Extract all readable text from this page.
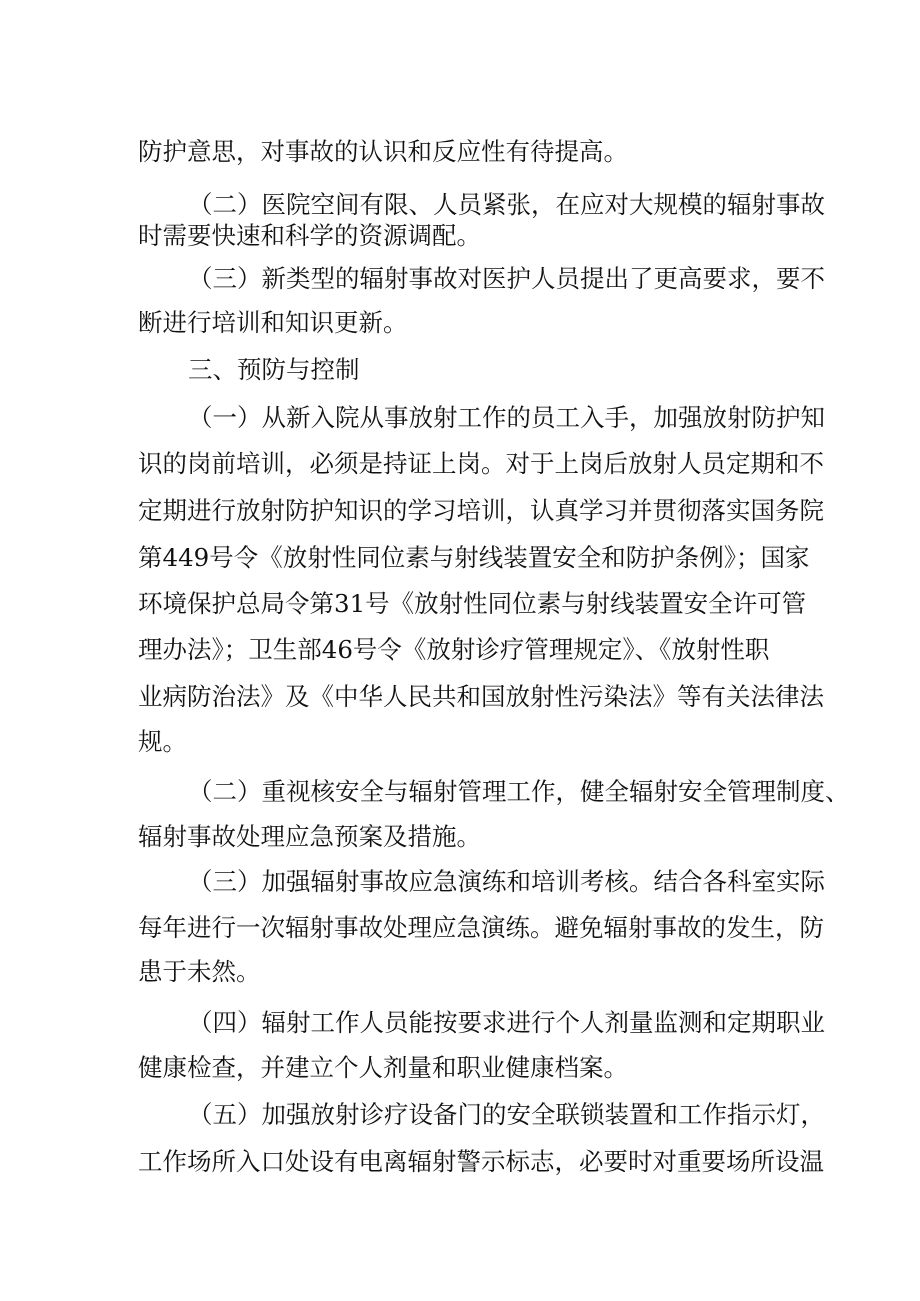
防护意思，对事故的认识和反应性有待提高。
（二）医院空间有限、人员紧张，在应对大规模的辐射事故
时需要快速和科学的资源调配。
（三）新类型的辐射事故对医护人员提出了更高要求，要不
断进行培训和知识更新。
三、预防与控制
（一）从新入院从事放射工作的员工入手，加强放射防护知
识的岗前培训，必须是持证上岗。对于上岗后放射人员定期和不
定期进行放射防护知识的学习培训，认真学习并贯彻落实国务院
第449号令《放射性同位素与射线装置安全和防护条例》；国家
环境保护总局令第31号《放射性同位素与射线装置安全许可管
理办法》；卫生部46号令《放射诊疗管理规定》、《放射性职
业病防治法》及《中华人民共和国放射性污染法》等有关法律法
规。
（二）重视核安全与辐射管理工作，健全辐射安全管理制度、
辐射事故处理应急预案及措施。
（三）加强辐射事故应急演练和培训考核。结合各科室实际
每年进行一次辐射事故处理应急演练。避免辐射事故的发生，防
患于未然。
（四）辐射工作人员能按要求进行个人剂量监测和定期职业
健康检查，并建立个人剂量和职业健康档案。
（五）加强放射诊疗设备门的安全联锁装置和工作指示灯，
工作场所入口处设有电离辐射警示标志，必要时对重要场所设温
